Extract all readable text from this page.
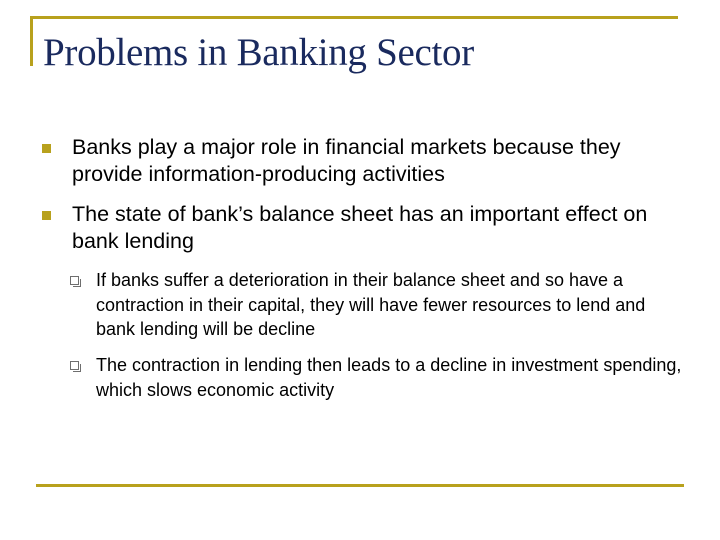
Problems in Banking Sector
Banks play a major role in financial markets because they provide information-producing activities
The state of bank’s balance sheet has an important effect on bank lending
If banks suffer a deterioration in their balance sheet and so have a contraction in their capital, they will have fewer resources to lend and bank lending will be decline
The contraction in lending then leads to a decline in investment spending, which slows economic activity
